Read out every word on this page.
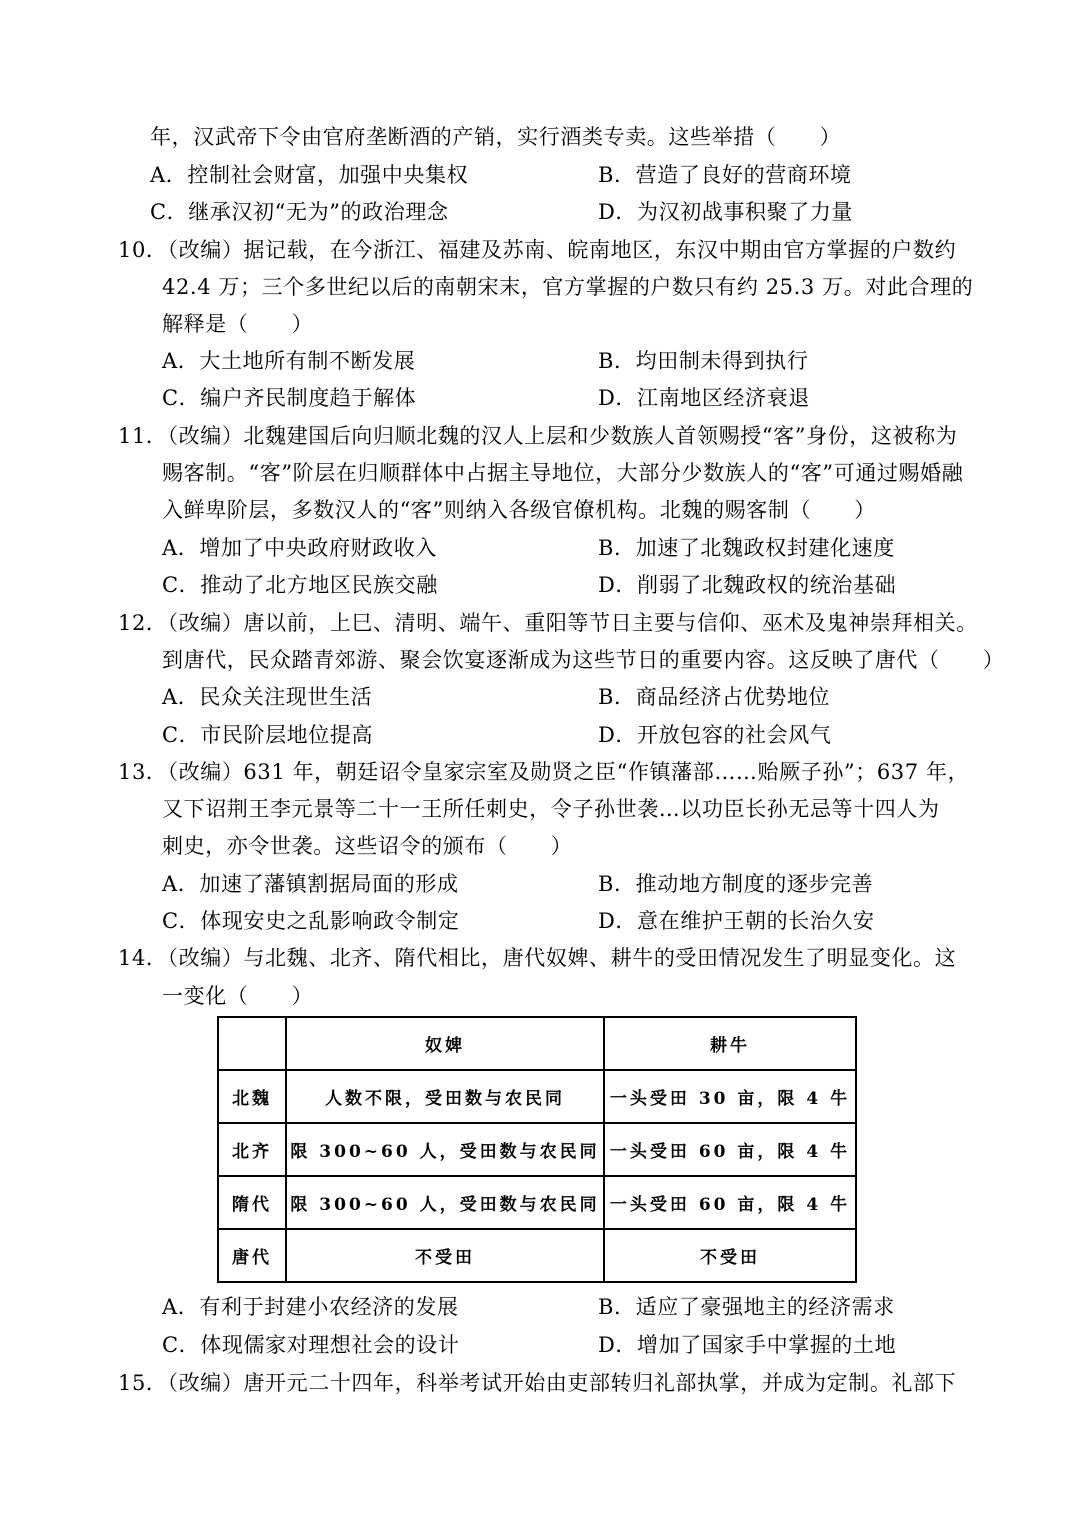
年，汉武帝下令由官府垄断酒的产销，实行酒类专卖。这些举措（　　）
A．控制社会财富，加强中央集权	B．营造了良好的营商环境
C．继承汉初“无为”的政治理念	D．为汉初战事积聚了力量
10．（改编）据记载，在今浙江、福建及苏南、皖南地区，东汉中期由官方掌握的户数约
42.4 万；三个多世纪以后的南朝宋末，官方掌握的户数只有约 25.3 万。对此合理的
解释是（　　）
A．大土地所有制不断发展	B．均田制未得到执行
C．编户齐民制度趋于解体	D．江南地区经济衰退
11．（改编）北魏建国后向归顺北魏的汉人上层和少数族人首领赐授“客”身份，这被称为
赐客制。“客”阶层在归顺群体中占据主导地位，大部分少数族人的“客”可通过赐婚融
入鲜卑阶层，多数汉人的“客”则纳入各级官僚机构。北魏的赐客制（　　）
A．增加了中央政府财政收入	B．加速了北魏政权封建化速度
C．推动了北方地区民族交融	D．削弱了北魏政权的统治基础
12．（改编）唐以前，上巳、清明、端午、重阳等节日主要与信仰、巫术及鬼神崇拜相关。
到唐代，民众踏青郊游、聚会饮宴逐渐成为这些节日的重要内容。这反映了唐代（　　）
A．民众关注现世生活	B．商品经济占优势地位
C．市民阶层地位提高	D．开放包容的社会风气
13．（改编）631 年，朝廷诏令皇家宗室及勋贤之臣“作镇藩部……贻厥子孙”；637 年，
又下诏荆王李元景等二十一王所任刺史，令子孙世袭…以功臣长孙无忌等十四人为
刺史，亦令世袭。这些诏令的颁布（　　）
A．加速了藩镇割据局面的形成	B．推动地方制度的逐步完善
C．体现安史之乱影响政令制定	D．意在维护王朝的长治久安
14．（改编）与北魏、北齐、隋代相比，唐代奴婢、耕牛的受田情况发生了明显变化。这
一变化（　　）
	奴婢	耕牛
北魏	人数不限，受田数与农民同	一头受田 30 亩，限 4 牛
北齐	限 300~60 人，受田数与农民同	一头受田 60 亩，限 4 牛
隋代	限 300~60 人，受田数与农民同	一头受田 60 亩，限 4 牛
唐代	不受田	不受田
A．有利于封建小农经济的发展	B．适应了豪强地主的经济需求
C．体现儒家对理想社会的设计	D．增加了国家手中掌握的土地
15．（改编）唐开元二十四年，科举考试开始由吏部转归礼部执掌，并成为定制。礼部下
